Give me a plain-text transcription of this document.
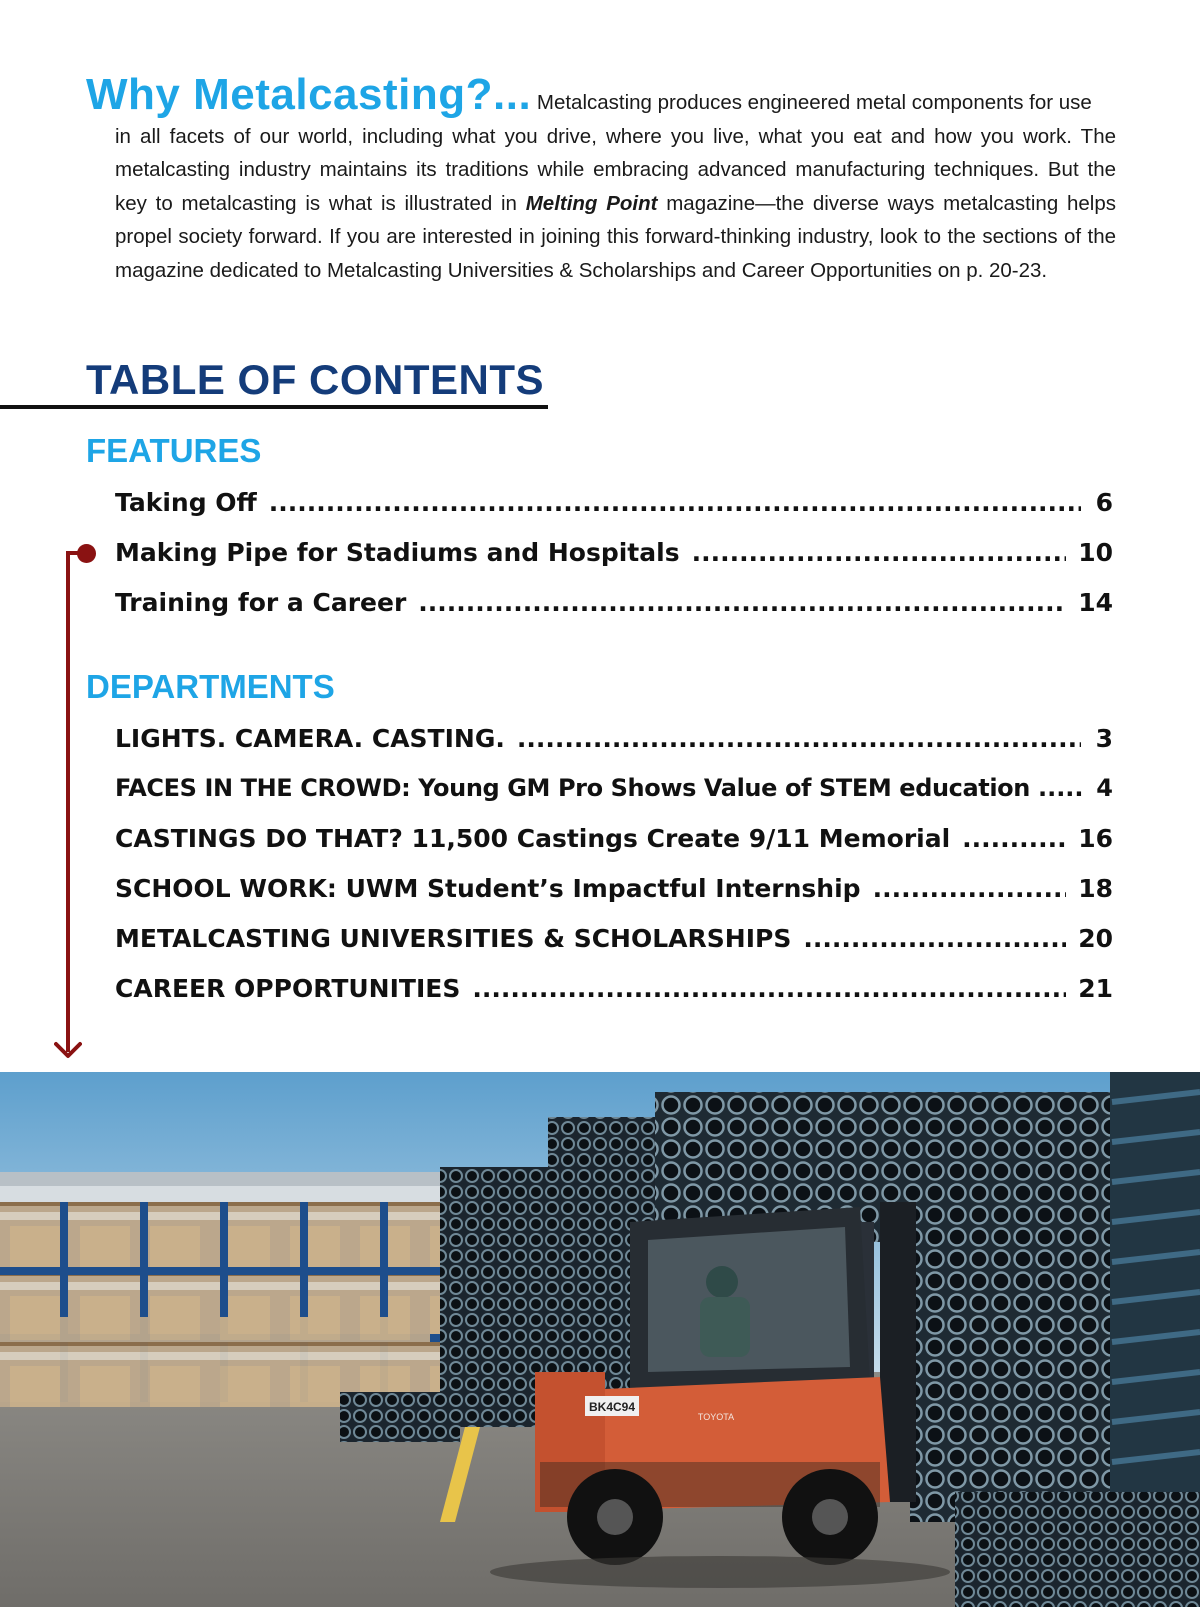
Why Metalcasting?... Metalcasting produces engineered metal components for use
in all facets of our world, including what you drive, where you live, what you eat and how you work. The metalcasting industry maintains its traditions while embracing advanced manufacturing techniques. But the key to metalcasting is what is illustrated in Melting Point magazine—the diverse ways metalcasting helps propel society forward. If you are interested in joining this forward-thinking industry, look to the sections of the magazine dedicated to Metalcasting Universities & Scholarships and Career Opportunities on p. 20-23.
TABLE OF CONTENTS
FEATURES
Taking Off .....	6
Making Pipe for Stadiums and Hospitals .....	10
Training for a Career .....	14
DEPARTMENTS
LIGHTS. CAMERA. CASTING. .....	3
FACES IN THE CROWD: Young GM Pro Shows Value of STEM education .....	4
CASTINGS DO THAT? 11,500 Castings Create 9/11 Memorial .....	16
SCHOOL WORK: UWM Student’s Impactful Internship .....	18
METALCASTING UNIVERSITIES & SCHOLARSHIPS .....	20
CAREER OPPORTUNITIES .....	21
BK4C94
TOYOTA
